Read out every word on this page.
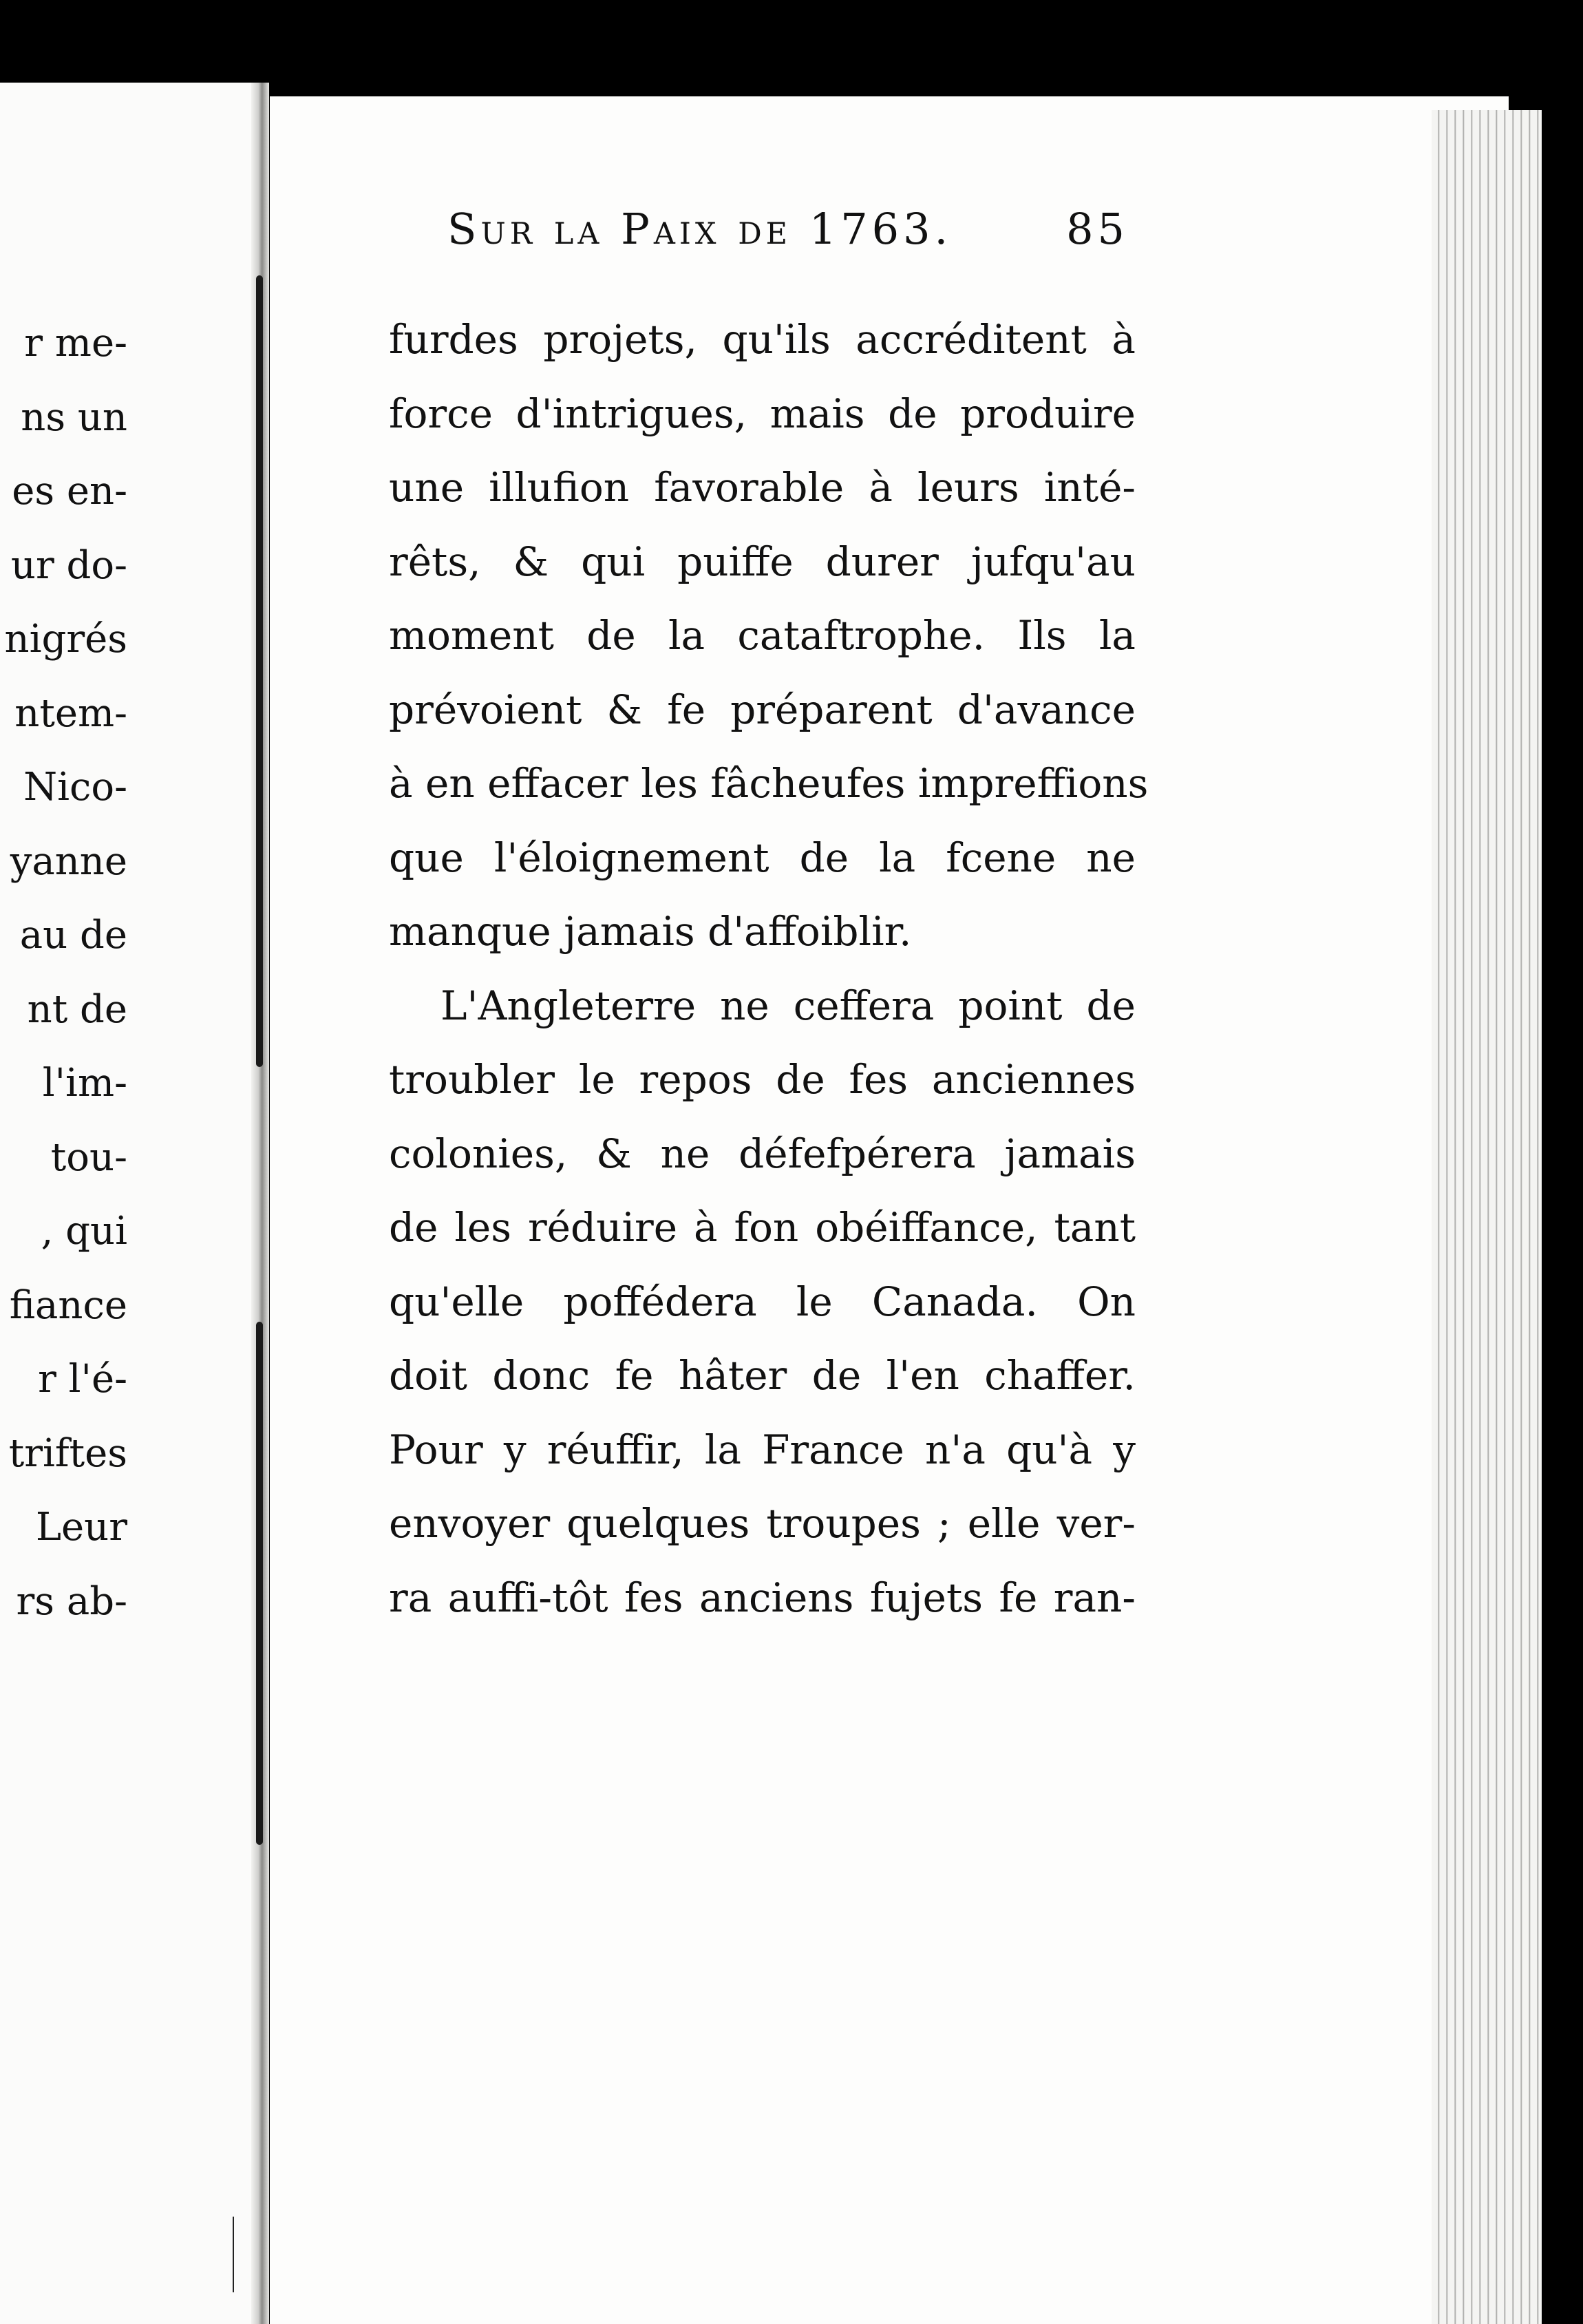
r me-
ns un
es en-
ur do-
nigrés
ntem-
Nico-
yanne
au de
nt de
l'im-
tou-
, qui
fiance
r l'é-
triftes
Leur
rs ab-
Sur la Paix de 1763.	85
furdes projets, qu'ils accréditent à
force d'intrigues, mais de produire
une illufion favorable à leurs inté-
rêts, & qui puiffe durer jufqu'au
moment de la cataftrophe. Ils la
prévoient & fe préparent d'avance
à en effacer les fâcheufes impreffions
que l'éloignement de la fcene ne
manque jamais d'affoiblir.
L'Angleterre ne ceffera point de
troubler le repos de fes anciennes
colonies, & ne défefpérera jamais
de les réduire à fon obéiffance, tant
qu'elle poffédera le Canada. On
doit donc fe hâter de l'en chaffer.
Pour y réuffir, la France n'a qu'à y
envoyer quelques troupes ; elle ver-
ra auffi-tôt fes anciens fujets fe ran-
